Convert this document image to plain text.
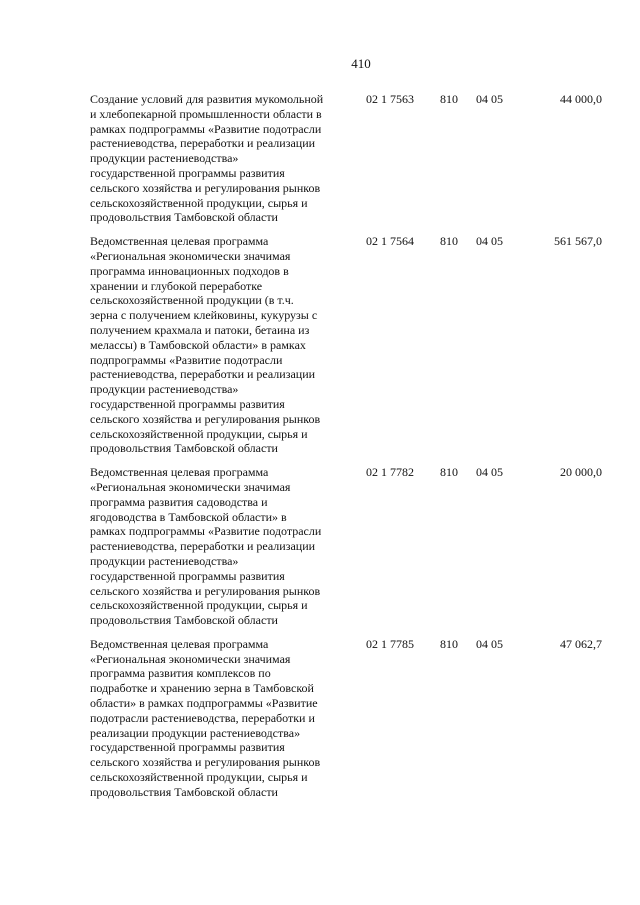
410
Создание условий для развития мукомольной
и хлебопекарной промышленности области в
рамках подпрограммы «Развитие подотрасли
растениеводства, переработки и реализации
продукции растениеводства»
государственной программы развития
сельского хозяйства и регулирования рынков
сельскохозяйственной продукции, сырья и
продовольствия Тамбовской области
02 1 7563	810	04 05	44 000,0
Ведомственная целевая программа
«Региональная экономически значимая
программа инновационных подходов в
хранении и глубокой переработке
сельскохозяйственной продукции (в т.ч.
зерна с получением клейковины, кукурузы с
получением крахмала и патоки, бетаина из
мелассы) в Тамбовской области» в рамках
подпрограммы «Развитие подотрасли
растениеводства, переработки и реализации
продукции растениеводства»
государственной программы развития
сельского хозяйства и регулирования рынков
сельскохозяйственной продукции, сырья и
продовольствия Тамбовской области
02 1 7564	810	04 05	561 567,0
Ведомственная целевая программа
«Региональная экономически значимая
программа развития садоводства и
ягодоводства в Тамбовской области» в
рамках подпрограммы «Развитие подотрасли
растениеводства, переработки и реализации
продукции растениеводства»
государственной программы развития
сельского хозяйства и регулирования рынков
сельскохозяйственной продукции, сырья и
продовольствия Тамбовской области
02 1 7782	810	04 05	20 000,0
Ведомственная целевая программа
«Региональная экономически значимая
программа развития комплексов по
подработке и хранению зерна в Тамбовской
области» в рамках подпрограммы «Развитие
подотрасли растениеводства, переработки и
реализации продукции растениеводства»
государственной программы развития
сельского хозяйства и регулирования рынков
сельскохозяйственной продукции, сырья и
продовольствия Тамбовской области
02 1 7785	810	04 05	47 062,7
